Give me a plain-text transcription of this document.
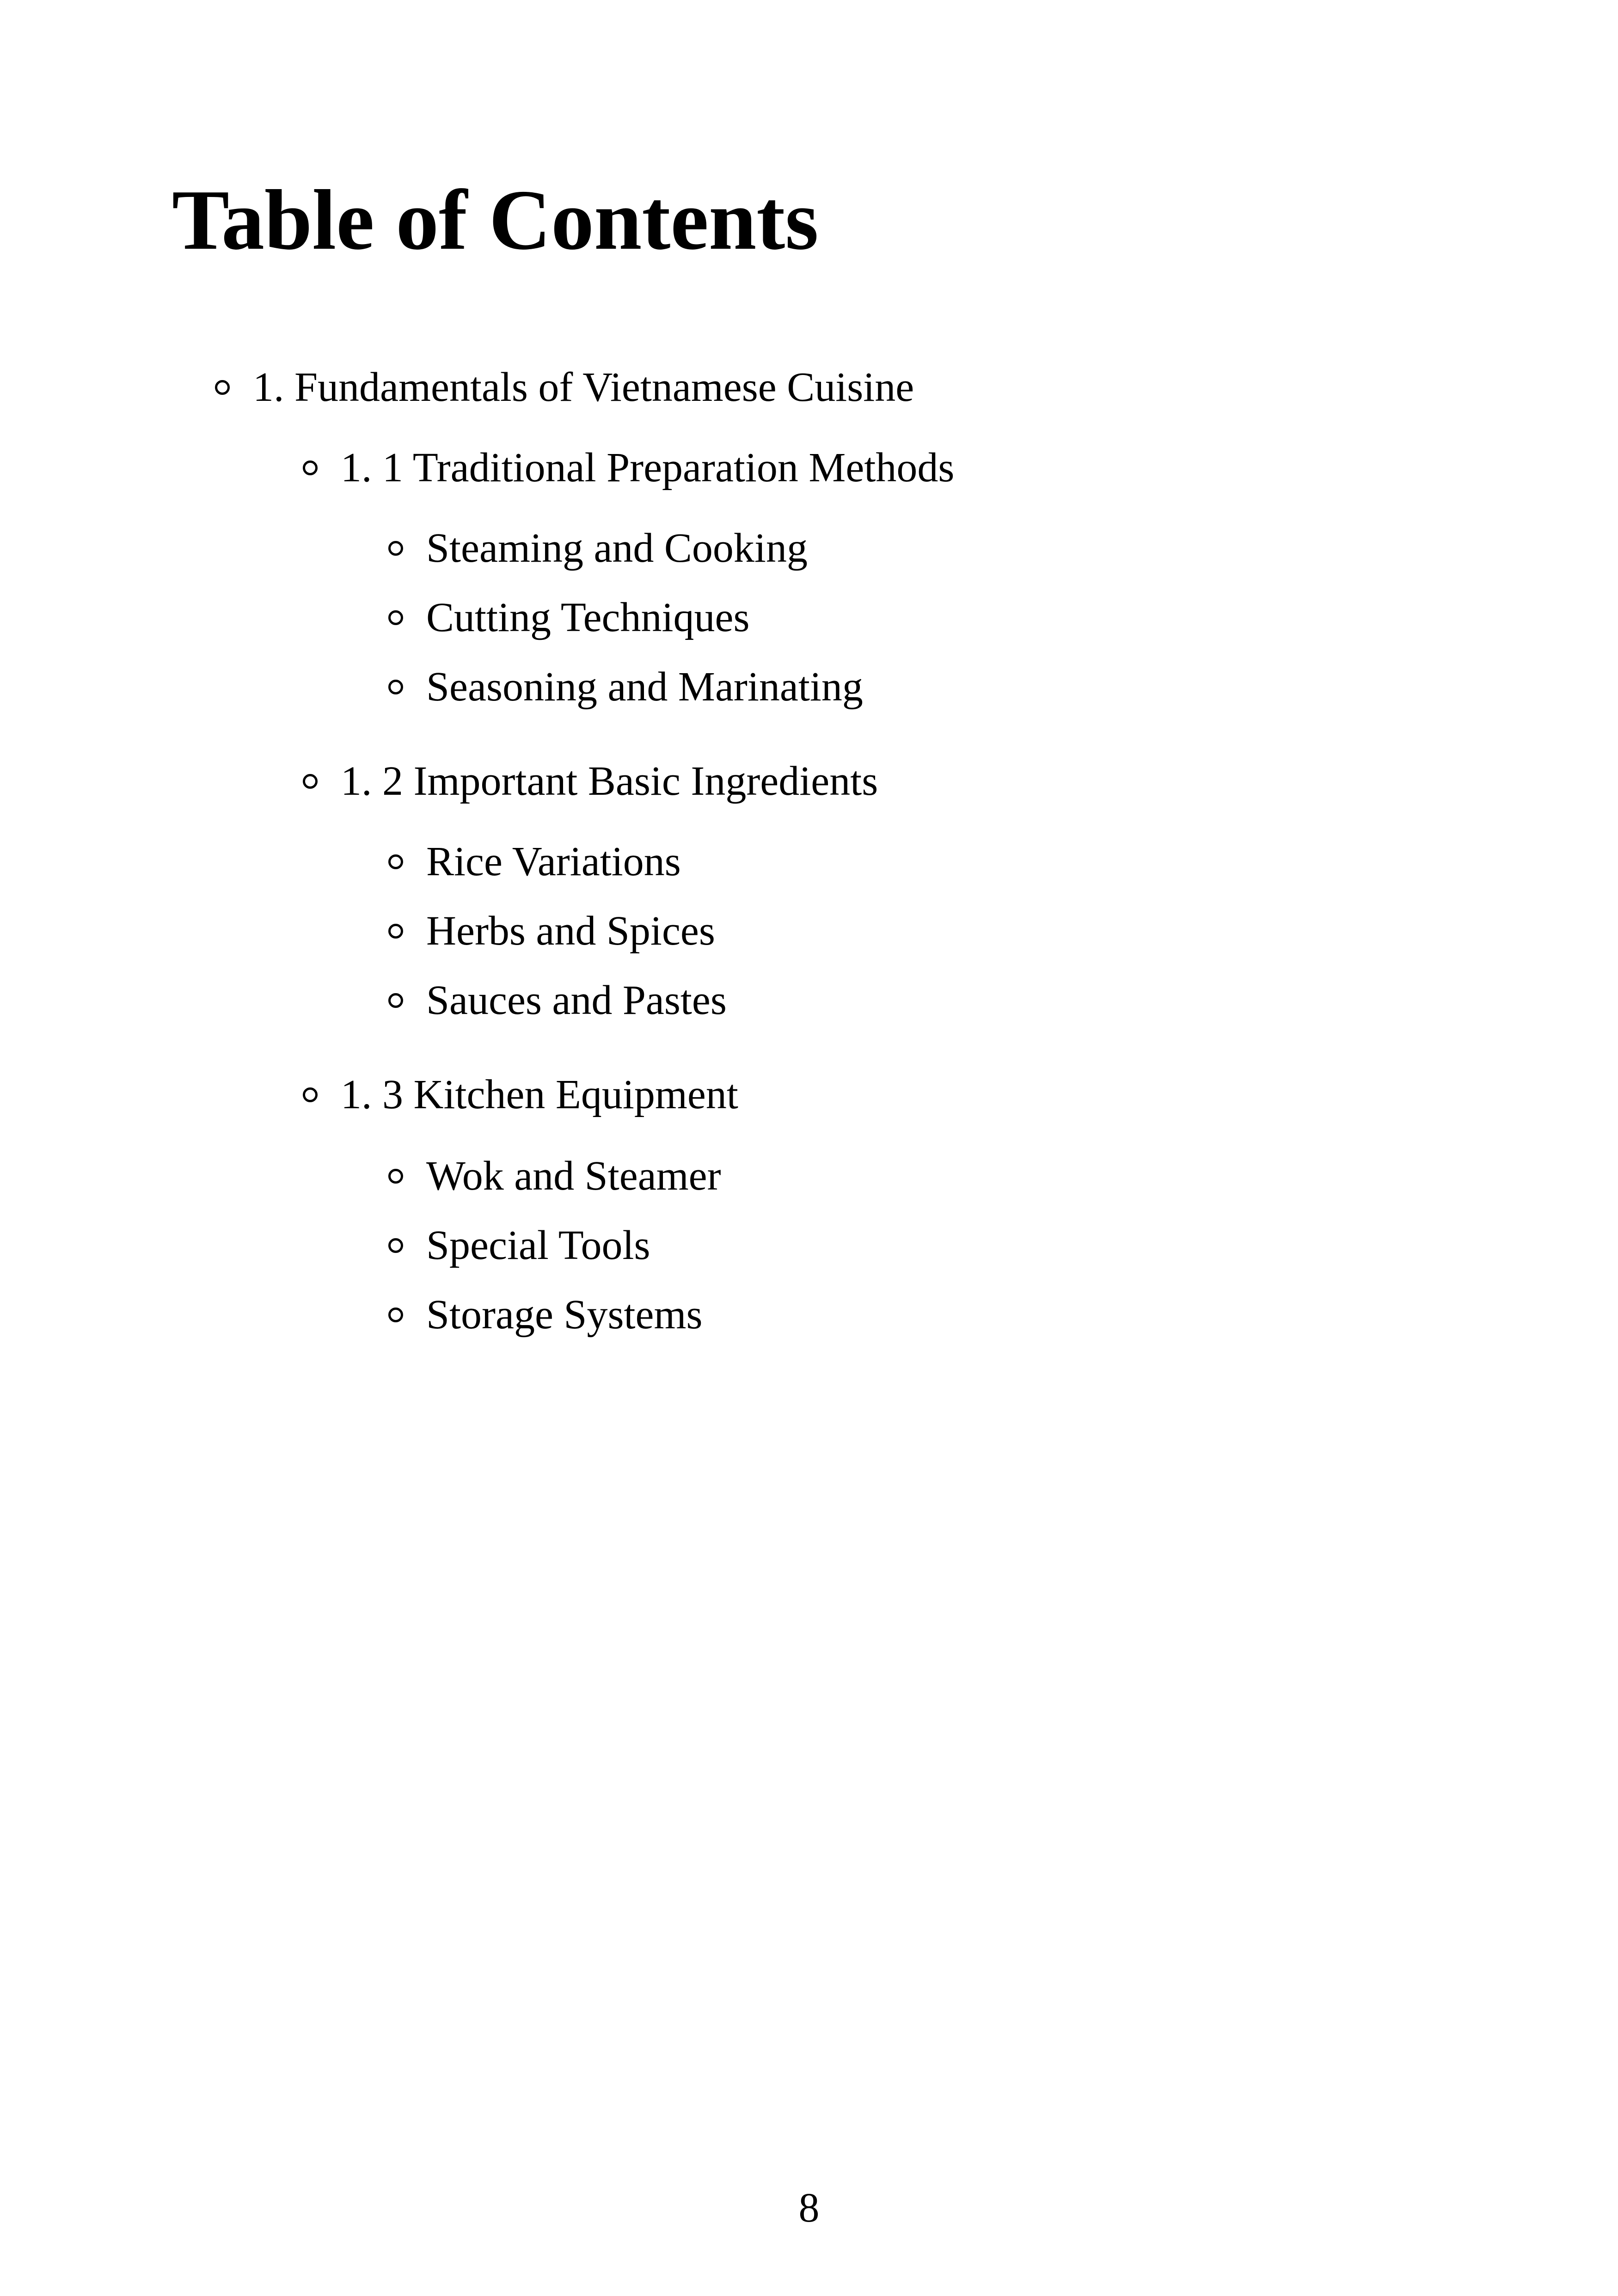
Table of Contents
1. Fundamentals of Vietnamese Cuisine
1. 1 Traditional Preparation Methods
Steaming and Cooking
Cutting Techniques
Seasoning and Marinating
1. 2 Important Basic Ingredients
Rice Variations
Herbs and Spices
Sauces and Pastes
1. 3 Kitchen Equipment
Wok and Steamer
Special Tools
Storage Systems
8
